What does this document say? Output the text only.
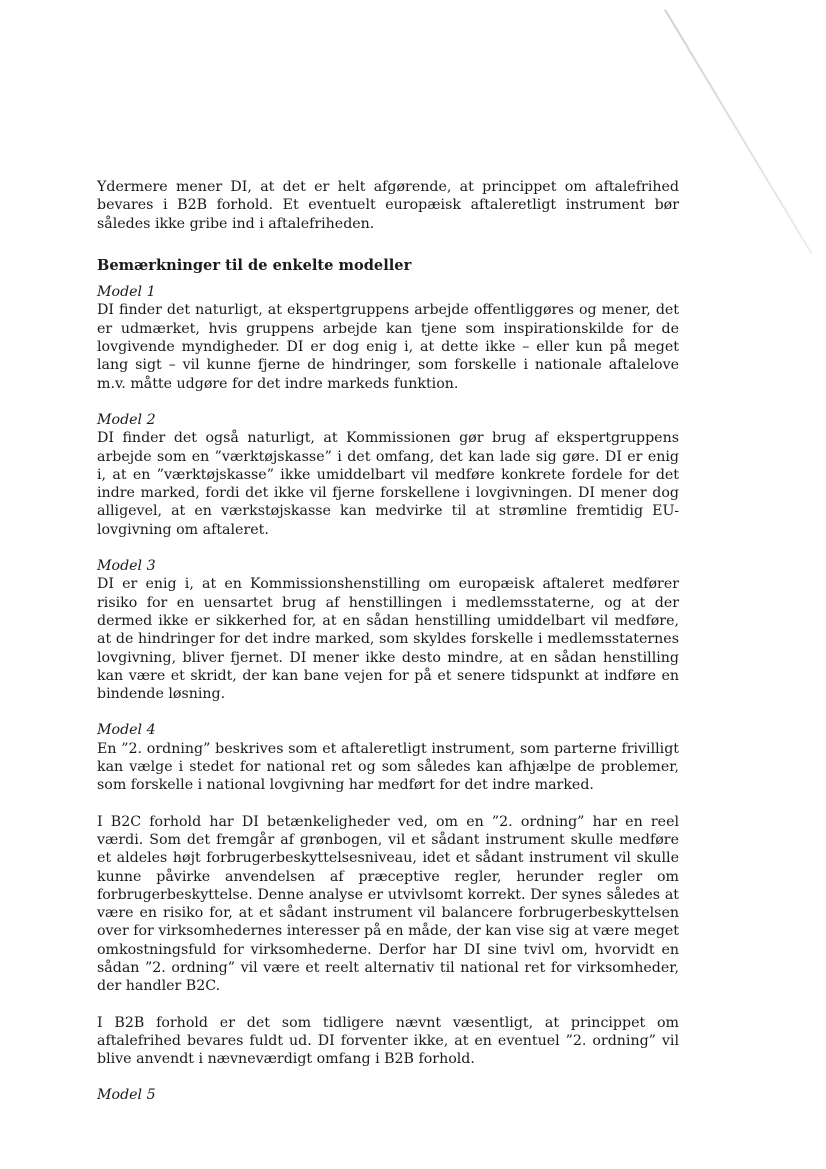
Ydermere mener DI, at det er helt afgørende, at princippet om aftalefrihed bevares i B2B forhold. Et eventuelt europæisk aftaleretligt instrument bør således ikke gribe ind i aftalefriheden.

Bemærkninger til de enkelte modeller

Model 1

DI finder det naturligt, at ekspertgruppens arbejde offentliggøres og mener, det er udmærket, hvis gruppens arbejde kan tjene som inspirationskilde for de lovgivende myndigheder. DI er dog enig i, at dette ikke – eller kun på meget lang sigt – vil kunne fjerne de hindringer, som forskelle i nationale aftalelove m.v. måtte udgøre for det indre markeds funktion.

Model 2

DI finder det også naturligt, at Kommissionen gør brug af ekspertgruppens arbejde som en ”værktøjskasse” i det omfang, det kan lade sig gøre. DI er enig i, at en ”værktøjskasse” ikke umiddelbart vil medføre konkrete fordele for det indre marked, fordi det ikke vil fjerne forskellene i lovgivningen. DI mener dog alligevel, at en værkstøjskasse kan medvirke til at strømline fremtidig EU-lovgivning om aftaleret.

Model 3

DI er enig i, at en Kommissionshenstilling om europæisk aftaleret medfører risiko for en uensartet brug af henstillingen i medlemsstaterne, og at der dermed ikke er sikkerhed for, at en sådan henstilling umiddelbart vil medføre, at de hindringer for det indre marked, som skyldes forskelle i medlemsstaternes lovgivning, bliver fjernet. DI mener ikke desto mindre, at en sådan henstilling kan være et skridt, der kan bane vejen for på et senere tidspunkt at indføre en bindende løsning.

Model 4

En ”2. ordning” beskrives som et aftaleretligt instrument, som parterne frivilligt kan vælge i stedet for national ret og som således kan afhjælpe de problemer, som forskelle i national lovgivning har medført for det indre marked.

I B2C forhold har DI betænkeligheder ved, om en ”2. ordning” har en reel værdi. Som det fremgår af grønbogen, vil et sådant instrument skulle medføre et aldeles højt forbrugerbeskyttelsesniveau, idet et sådant instrument vil skulle kunne påvirke anvendelsen af præceptive regler, herunder regler om forbrugerbeskyttelse. Denne analyse er utvivlsomt korrekt. Der synes således at være en risiko for, at et sådant instrument vil balancere forbrugerbeskyttelsen over for virksomhedernes interesser på en måde, der kan vise sig at være meget omkostningsfuld for virksomhederne. Derfor har DI sine tvivl om, hvorvidt en sådan ”2. ordning” vil være et reelt alternativ til national ret for virksomheder, der handler B2C.

I B2B forhold er det som tidligere nævnt væsentligt, at princippet om aftalefrihed bevares fuldt ud. DI forventer ikke, at en eventuel ”2. ordning” vil blive anvendt i nævneværdigt omfang i B2B forhold.

Model 5
